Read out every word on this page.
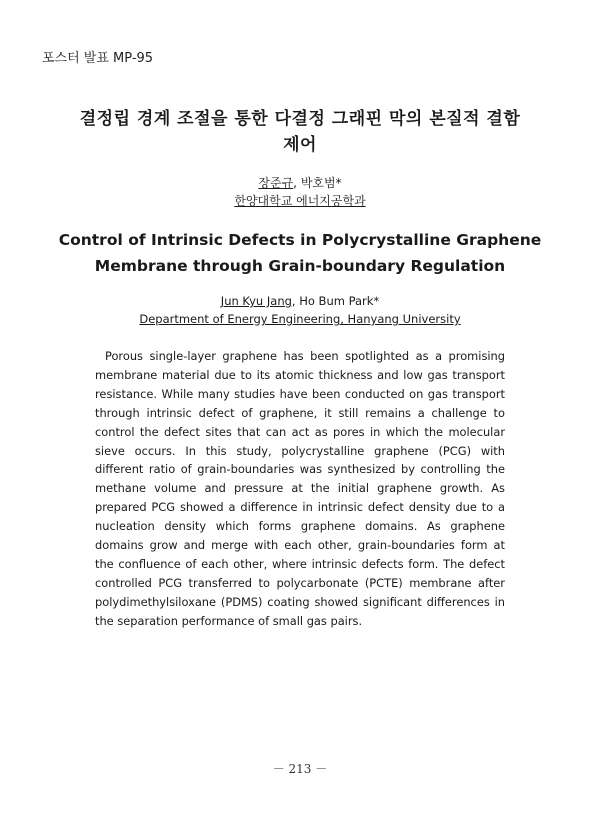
포스터 발표 MP-95
결정립 경계 조절을 통한 다결정 그래핀 막의 본질적 결함
제어
장준규, 박호범*
한양대학교 에너지공학과
Control of Intrinsic Defects in Polycrystalline Graphene
Membrane through Grain-boundary Regulation
Jun Kyu Jang, Ho Bum Park*
Department of Energy Engineering, Hanyang University

Porous single-layer graphene has been spotlighted as a promising membrane material due to its atomic thickness and low gas transport resistance. While many studies have been conducted on gas transport through intrinsic defect of graphene, it still remains a challenge to control the defect sites that can act as pores in which the molecular sieve occurs. In this study, polycrystalline graphene (PCG) with different ratio of grain-boundaries was synthesized by controlling the methane volume and pressure at the initial graphene growth. As prepared PCG showed a difference in intrinsic defect density due to a nucleation density which forms graphene domains. As graphene domains grow and merge with each other, grain-boundaries form at the confluence of each other, where intrinsic defects form. The defect controlled PCG transferred to polycarbonate (PCTE) membrane after polydimethylsiloxane (PDMS) coating showed significant differences in the separation performance of small gas pairs.

－ 213 －
